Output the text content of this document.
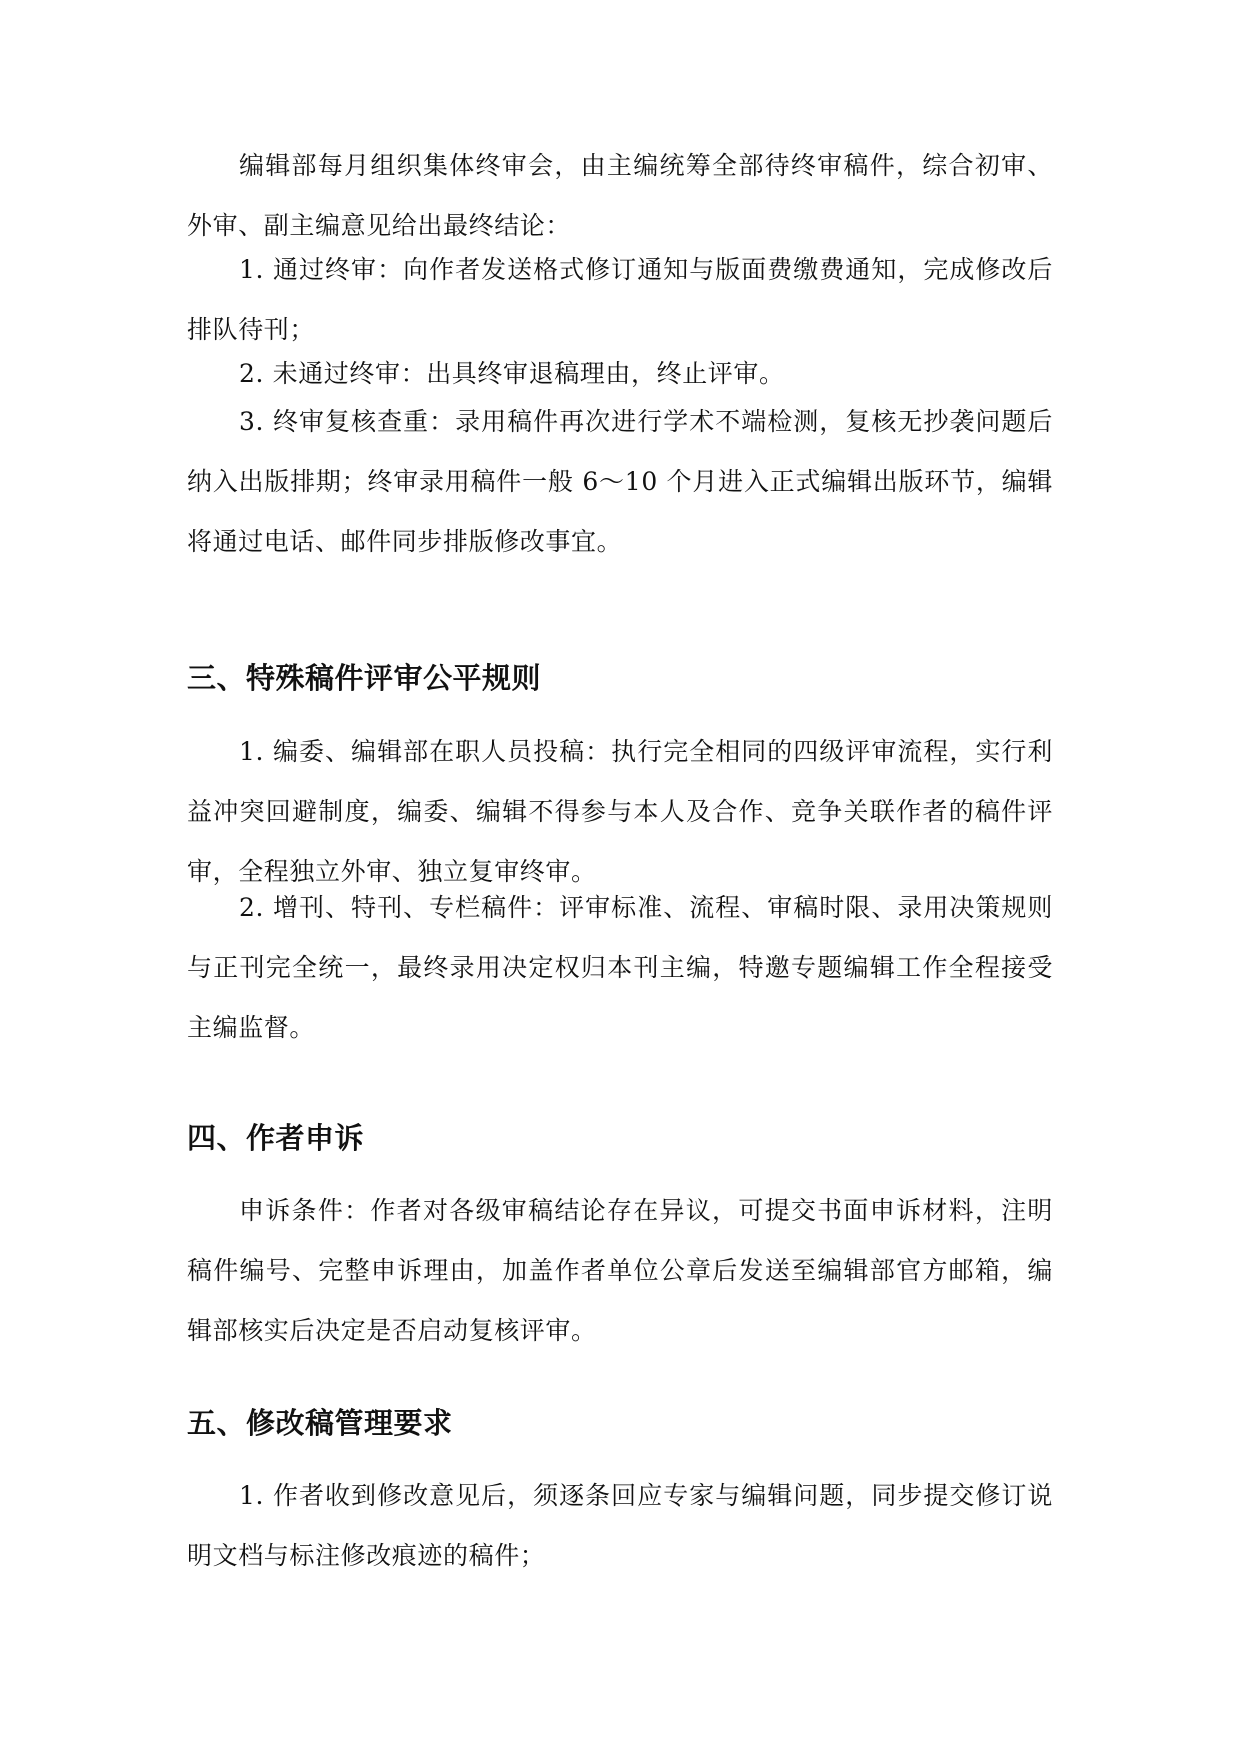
编辑部每月组织集体终审会，由主编统筹全部待终审稿件，综合初审、外审、副主编意见给出最终结论：

1. 通过终审：向作者发送格式修订通知与版面费缴费通知，完成修改后排队待刊；

2. 未通过终审：出具终审退稿理由，终止评审。

3. 终审复核查重：录用稿件再次进行学术不端检测，复核无抄袭问题后纳入出版排期；终审录用稿件一般 6～10 个月进入正式编辑出版环节，编辑将通过电话、邮件同步排版修改事宜。

三、特殊稿件评审公平规则

1. 编委、编辑部在职人员投稿：执行完全相同的四级评审流程，实行利益冲突回避制度，编委、编辑不得参与本人及合作、竞争关联作者的稿件评审，全程独立外审、独立复审终审。

2. 增刊、特刊、专栏稿件：评审标准、流程、审稿时限、录用决策规则与正刊完全统一，最终录用决定权归本刊主编，特邀专题编辑工作全程接受主编监督。

四、作者申诉

申诉条件：作者对各级审稿结论存在异议，可提交书面申诉材料，注明稿件编号、完整申诉理由，加盖作者单位公章后发送至编辑部官方邮箱，编辑部核实后决定是否启动复核评审。

五、修改稿管理要求

1. 作者收到修改意见后，须逐条回应专家与编辑问题，同步提交修订说明文档与标注修改痕迹的稿件；
